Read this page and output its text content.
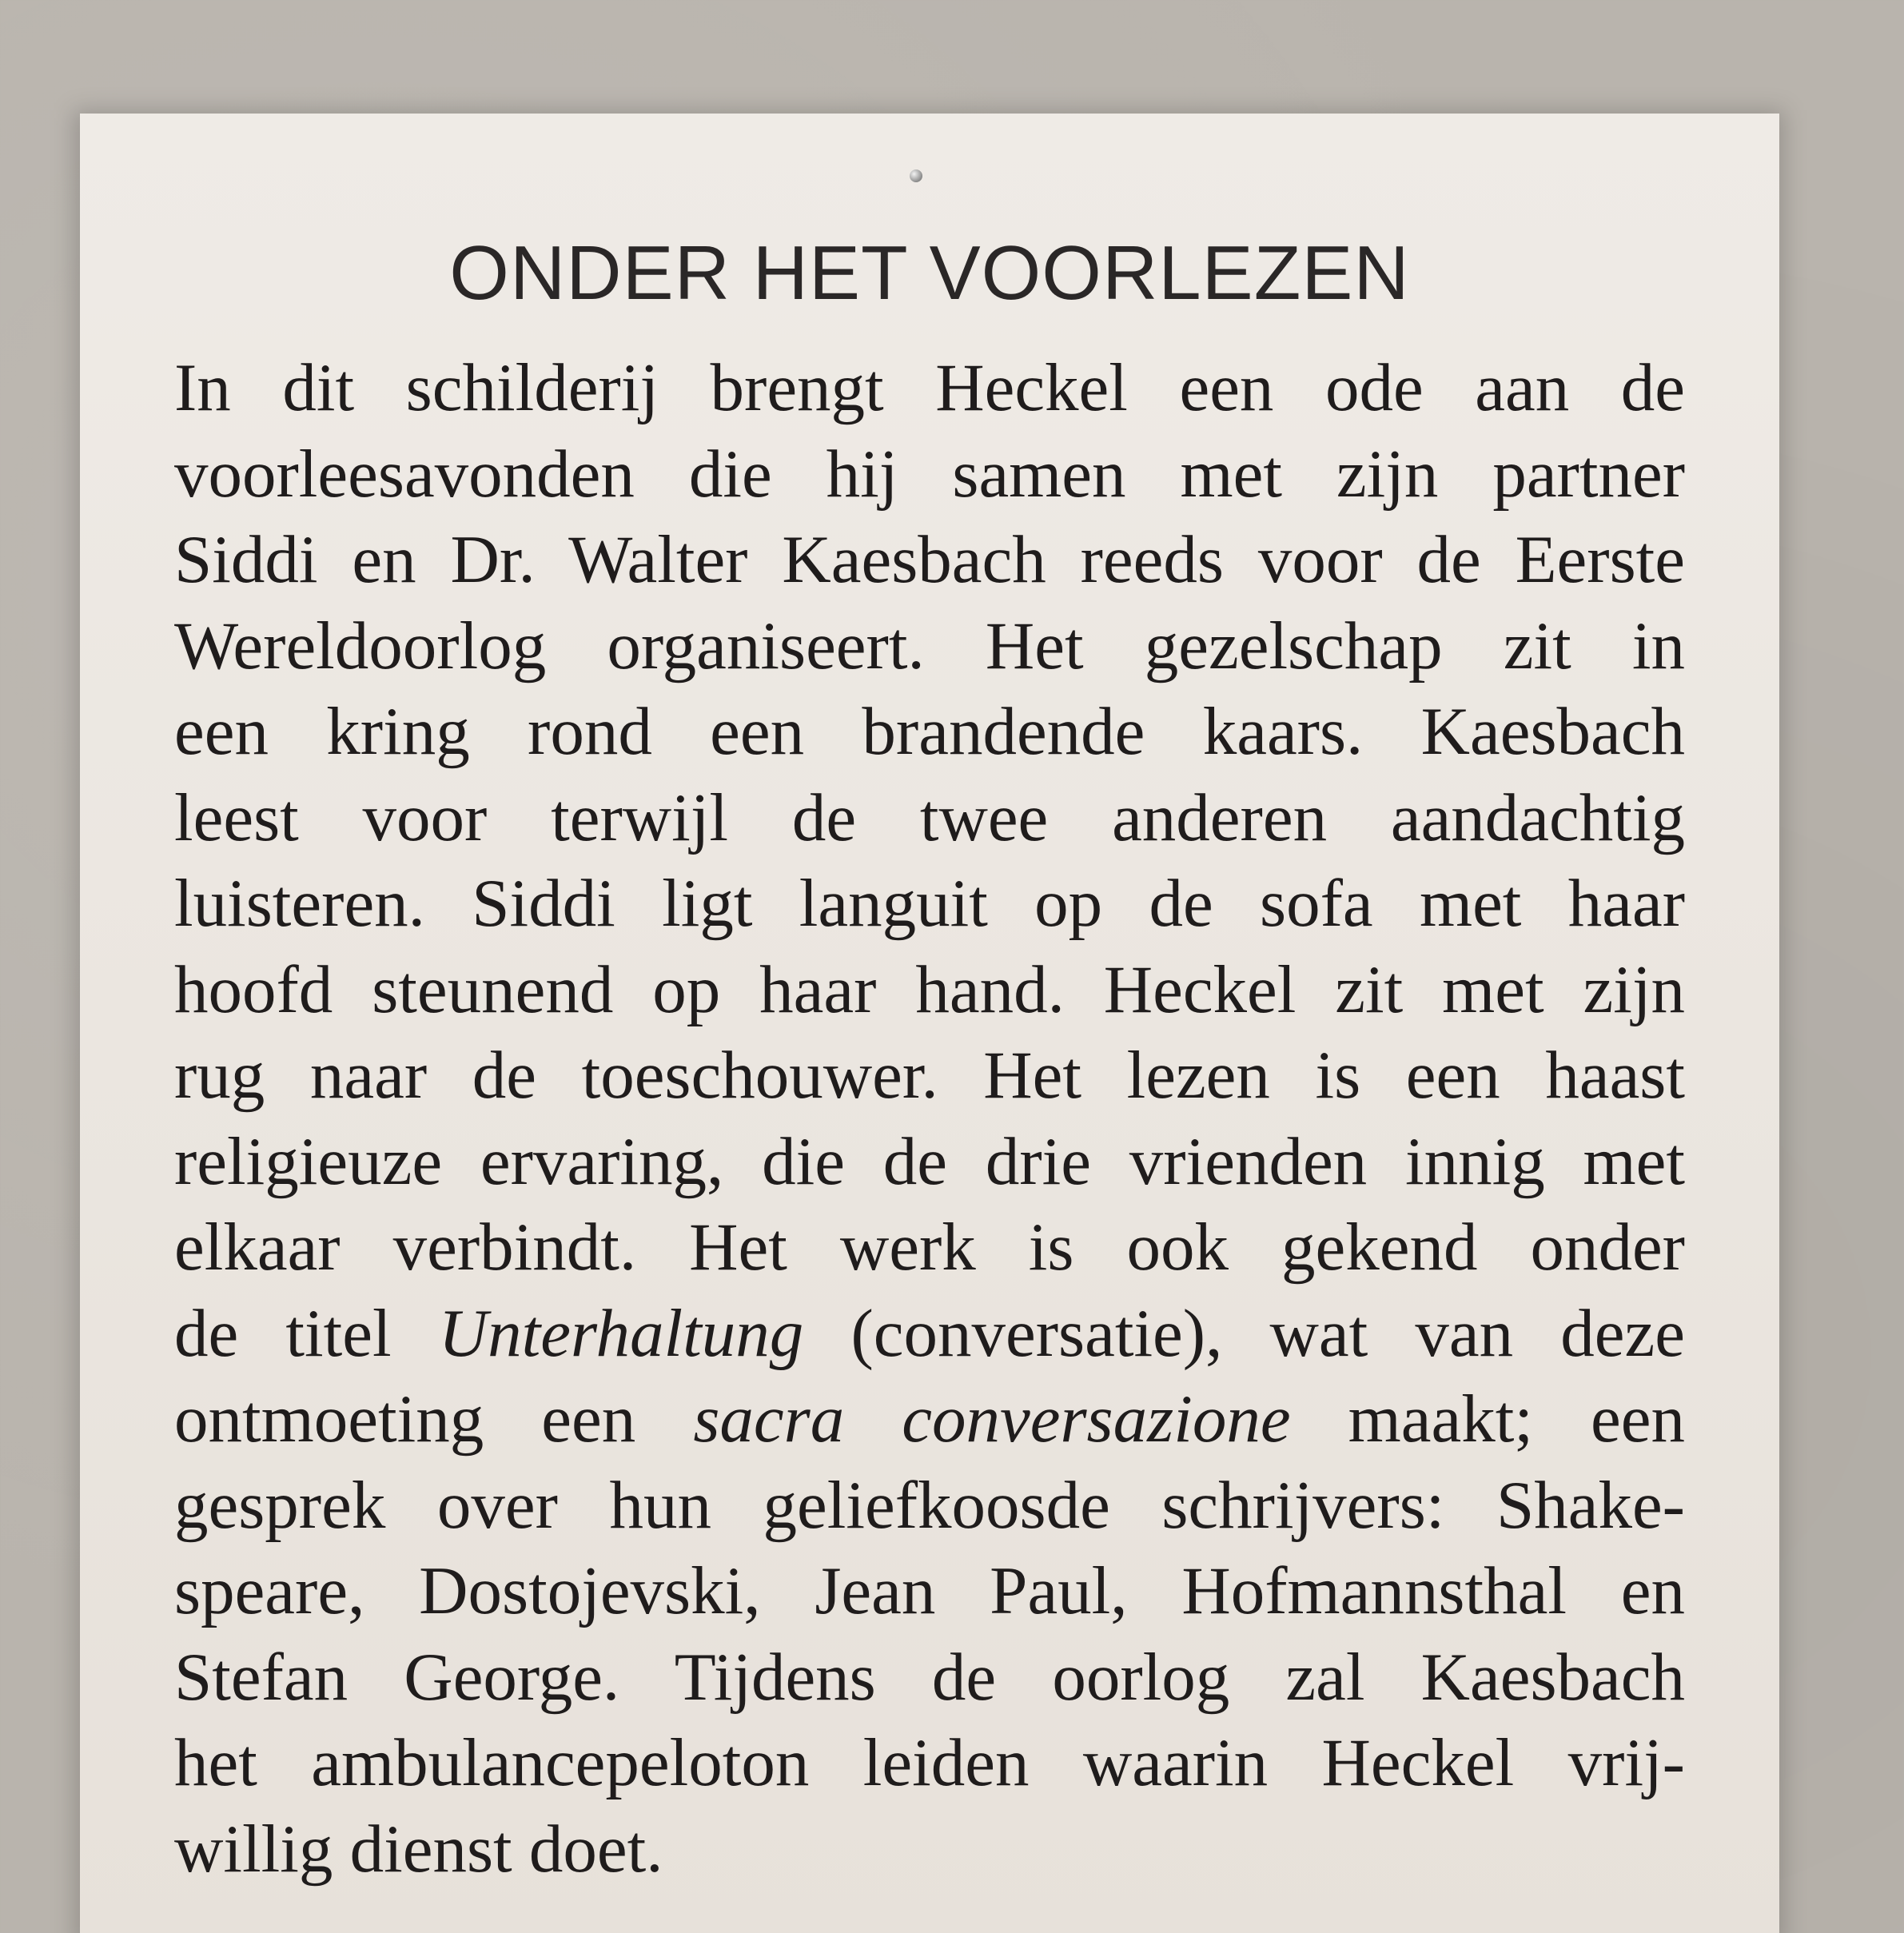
ONDER HET VOORLEZEN
In dit schilderij brengt Heckel een ode aan de
voorleesavonden die hij samen met zijn partner
Siddi en Dr. Walter Kaesbach reeds voor de Eerste
Wereldoorlog organiseert. Het gezelschap zit in
een kring rond een brandende kaars. Kaesbach
leest voor terwijl de twee anderen aandachtig
luisteren. Siddi ligt languit op de sofa met haar
hoofd steunend op haar hand. Heckel zit met zijn
rug naar de toeschouwer. Het lezen is een haast
religieuze ervaring, die de drie vrienden innig met
elkaar verbindt. Het werk is ook gekend onder
de titel Unterhaltung (conversatie), wat van deze
ontmoeting een sacra conversazione maakt; een
gesprek over hun geliefkoosde schrijvers: Shake-
speare, Dostojevski, Jean Paul, Hofmannsthal en
Stefan George. Tijdens de oorlog zal Kaesbach
het ambulancepeloton leiden waarin Heckel vrij-
willig dienst doet.
